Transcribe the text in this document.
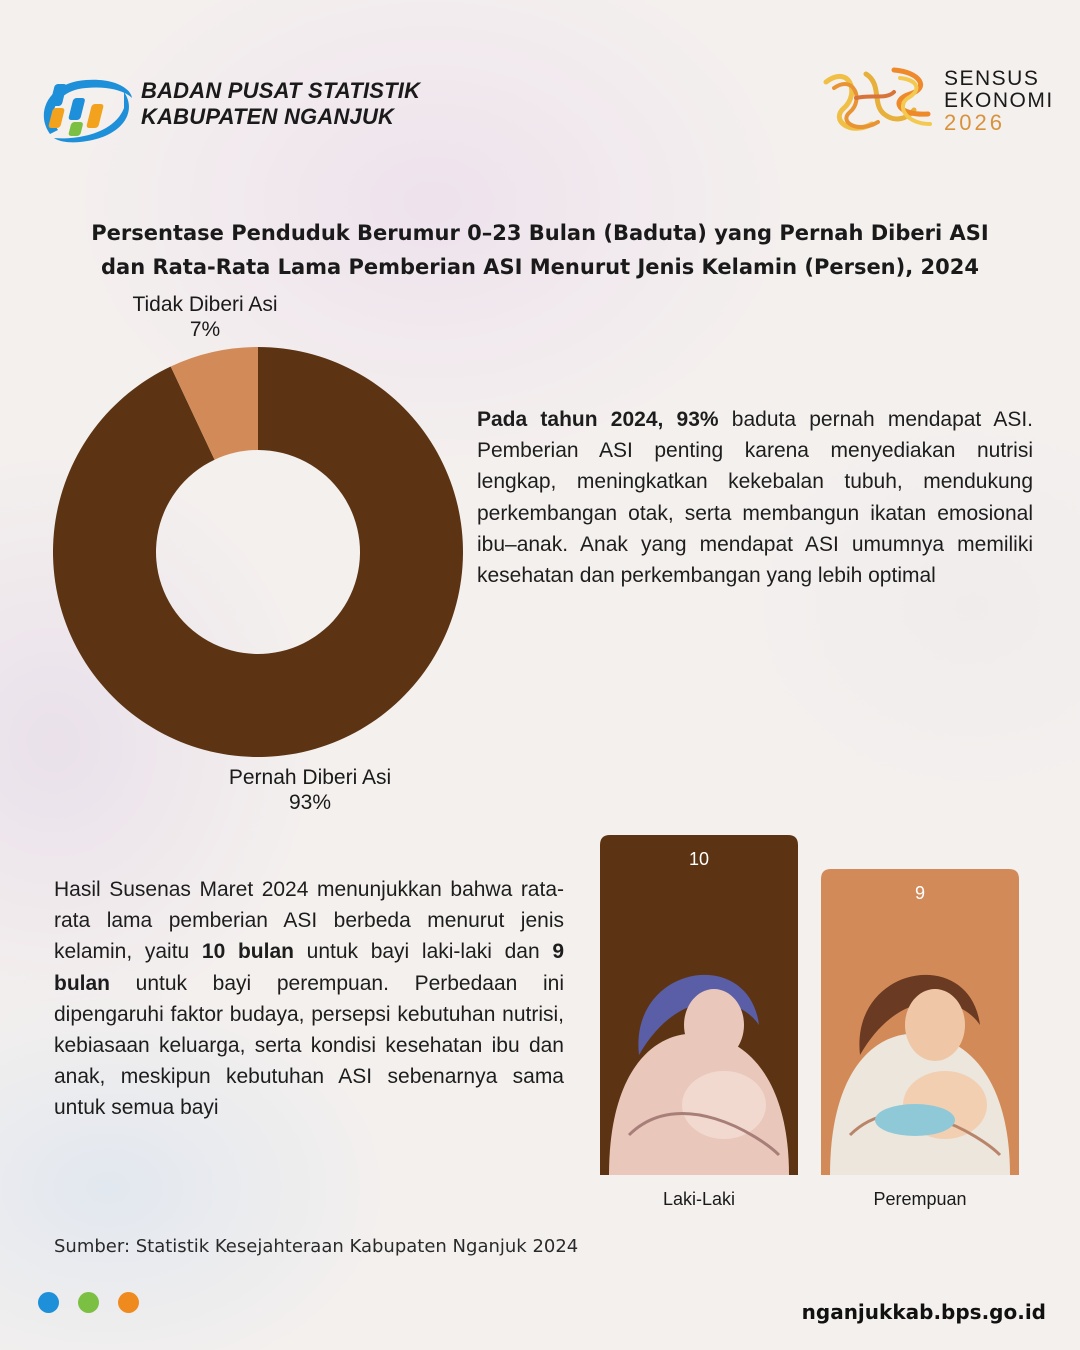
BADAN PUSAT STATISTIK
KABUPATEN NGANJUK
SENSUS
EKONOMI
2026
Persentase Penduduk Berumur 0–23 Bulan (Baduta) yang Pernah Diberi ASI
dan Rata-Rata Lama Pemberian ASI Menurut Jenis Kelamin (Persen), 2024
Tidak Diberi Asi
7%
Pernah Diberi Asi
93%
Pada tahun 2024, 93% baduta pernah mendapat ASI. Pemberian ASI penting karena menyediakan nutrisi lengkap, meningkatkan kekebalan tubuh, mendukung perkembangan otak, serta membangun ikatan emosional ibu–anak. Anak yang mendapat ASI umumnya memiliki kesehatan dan perkembangan yang lebih optimal
Hasil Susenas Maret 2024 menunjukkan bahwa rata-rata lama pemberian ASI berbeda menurut jenis kelamin, yaitu 10 bulan untuk bayi laki-laki dan 9 bulan untuk bayi perempuan. Perbedaan ini dipengaruhi faktor budaya, persepsi kebutuhan nutrisi, kebiasaan keluarga, serta kondisi kesehatan ibu dan anak, meskipun kebutuhan ASI sebenarnya sama untuk semua bayi
10
Laki-Laki
9
Perempuan
Sumber: Statistik Kesejahteraan Kabupaten Nganjuk 2024
nganjukkab.bps.go.id
